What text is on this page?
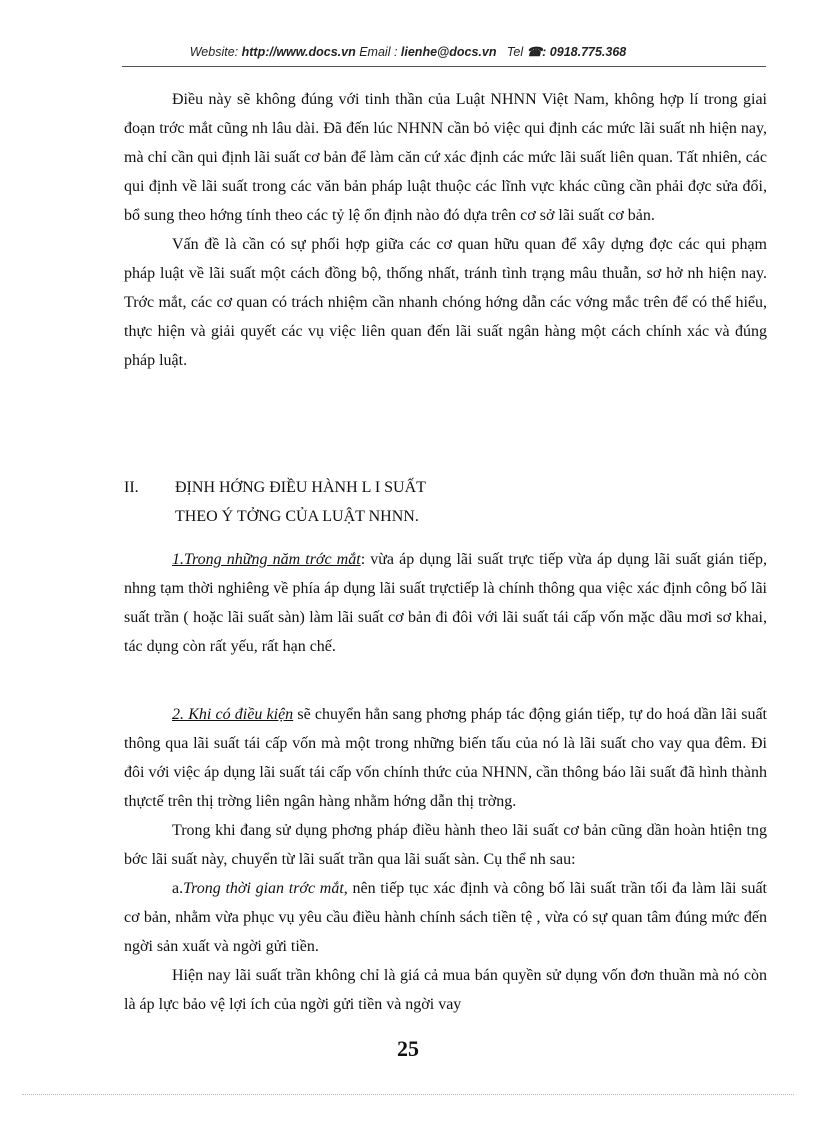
Website: http://www.docs.vn Email : lienhe@docs.vn Tel ☎: 0918.775.368

Điều này sẽ không đúng với tinh thần của Luật NHNN Việt Nam, không hợp lí trong giai đoạn trớc mắt cũng nh lâu dài. Đã đến lúc NHNN cần bỏ việc qui định các mức lãi suất nh hiện nay, mà chỉ cần qui định lãi suất cơ bản để làm căn cứ xác định các mức lãi suất liên quan. Tất nhiên, các qui định về lãi suất trong các văn bản pháp luật thuộc các lĩnh vực khác cũng cần phải đợc sửa đổi, bổ sung theo hớng tính theo các tỷ lệ ổn định nào đó dựa trên cơ sở lãi suất cơ bản.

Vấn đề là cần có sự phối hợp giữa các cơ quan hữu quan để xây dựng đợc các qui phạm pháp luật về lãi suất một cách đồng bộ, thống nhất, tránh tình trạng mâu thuẫn, sơ hở nh hiện nay. Trớc mắt, các cơ quan có trách nhiệm cần nhanh chóng hớng dẫn các vớng mắc trên để có thể hiểu, thực hiện và giải quyết các vụ việc liên quan đến lãi suất ngân hàng một cách chính xác và đúng pháp luật.

II. ĐỊNH HỚNG ĐIỀU HÀNH L I SUẤT
THEO Ý TỞNG CỦA LUẬT NHNN.

1.Trong những năm trớc mắt: vừa áp dụng lãi suất trực tiếp vừa áp dụng lãi suất gián tiếp, nhng tạm thời nghiêng về phía áp dụng lãi suất trựctiếp là chính thông qua việc xác định công bố lãi suất trần ( hoặc lãi suất sàn) làm lãi suất cơ bản đi đôi với lãi suất tái cấp vốn mặc dầu mơi sơ khai, tác dụng còn rất yếu, rất hạn chế.

2. Khi có điều kiện sẽ chuyển hẳn sang phơng pháp tác động gián tiếp, tự do hoá dần lãi suất thông qua lãi suất tái cấp vốn mà một trong những biến tấu của nó là lãi suất cho vay qua đêm. Đi đôi với việc áp dụng lãi suất tái cấp vốn chính thức của NHNN, cần thông báo lãi suất đã hình thành thựctế trên thị trờng liên ngân hàng nhằm hớng dẫn thị trờng.

Trong khi đang sử dụng phơng pháp điều hành theo lãi suất cơ bản cũng dần hoàn htiện tng bớc lãi suất này, chuyển từ lãi suất trần qua lãi suất sàn. Cụ thể nh sau:

a.Trong thời gian trớc mắt, nên tiếp tục xác định và công bố lãi suất trần tối đa làm lãi suất cơ bản, nhằm vừa phục vụ yêu cầu điều hành chính sách tiền tệ , vừa có sự quan tâm đúng mức đến ngời sản xuất và ngời gửi tiền.

Hiện nay lãi suất trần không chỉ là giá cả mua bán quyền sử dụng vốn đơn thuần mà nó còn là áp lực bảo vệ lợi ích của ngời gửi tiền và ngời vay

25
